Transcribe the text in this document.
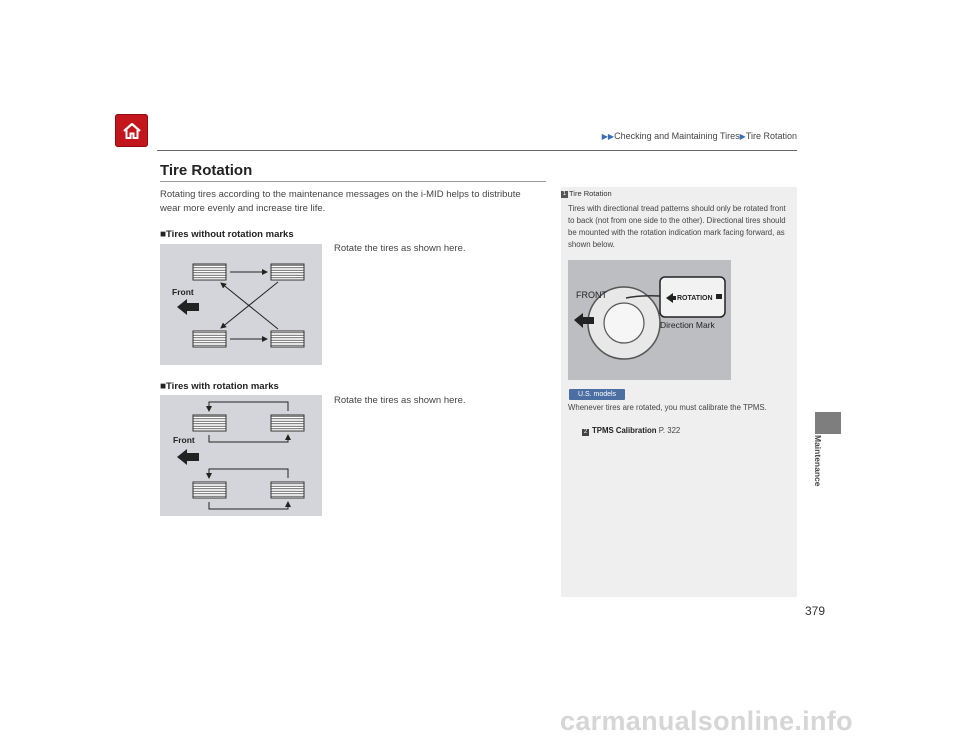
▶▶Checking and Maintaining Tires▶Tire Rotation
Tire Rotation
Rotating tires according to the maintenance messages on the i-MID helps to distribute wear more evenly and increase tire life.
■Tires without rotation marks
Rotate the tires as shown here.
Front
■Tires with rotation marks
Rotate the tires as shown here.
Front
1 Tire Rotation
Tires with directional tread patterns should only be rotated front to back (not from one side to the other). Directional tires should be mounted with the rotation indication mark facing forward, as shown below.
FRONT	ROTATION
Direction Mark
U.S. models
Whenever tires are rotated, you must calibrate the TPMS.
2 TPMS Calibration P. 322
Maintenance
379
carmanualsonline.info
